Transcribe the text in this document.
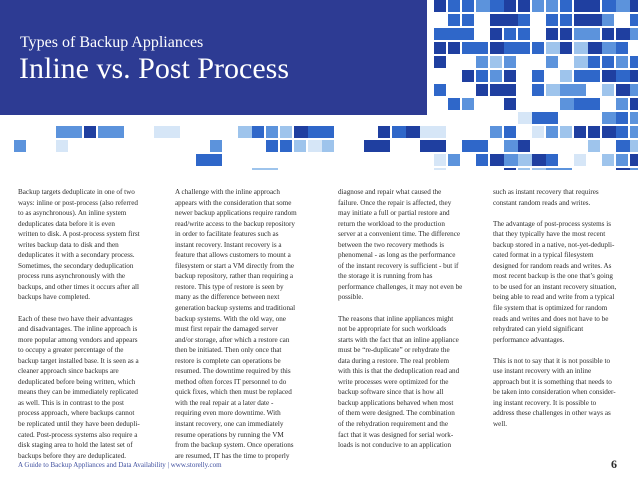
Types of Backup Appliances
Inline vs. Post Process

Backup targets deduplicate in one of two
ways: inline or post-process (also referred
to as asynchronous). An inline system
deduplicates data before it is even
written to disk. A post-process system first
writes backup data to disk and then
deduplicates it with a secondary process.
Sometimes, the secondary deduplication
process runs asynchronously with the
backups, and other times it occurs after all
backups have completed.

Each of these two have their advantages
and disadvantages. The inline approach is
more popular among vendors and appears
to occupy a greater percentage of the
backup target installed base. It is seen as a
cleaner approach since backups are
deduplicated before being written, which
means they can be immediately replicated
as well. This is in contrast to the post
process approach, where backups cannot
be replicated until they have been dedupli-
cated. Post-process systems also require a
disk staging area to hold the latest set of
backups before they are deduplicated.

A challenge with the inline approach
appears with the consideration that some
newer backup applications require random
read/write access to the backup repository
in order to facilitate features such as
instant recovery. Instant recovery is a
feature that allows customers to mount a
filesystem or start a VM directly from the
backup repository, rather than requiring a
restore. This type of restore is seen by
many as the difference between next
generation backup systems and traditional
backup systems. With the old way, one
must first repair the damaged server
and/or storage, after which a restore can
then be initiated. Then only once that
restore is complete can operations be
resumed. The downtime required by this
method often forces IT personnel to do
quick fixes, which then must be replaced
with the real repair at a later date -
requiring even more downtime. With
instant recovery, one can immediately
resume operations by running the VM
from the backup system. Once operations
are resumed, IT has the time to properly

diagnose and repair what caused the
failure. Once the repair is affected, they
may initiate a full or partial restore and
return the workload to the production
server at a convenient time. The difference
between the two recovery methods is
phenomenal - as long as the performance
of the instant recovery is sufficient - but if
the storage it is running from has
performance challenges, it may not even be
possible.

The reasons that inline appliances might
not be appropriate for such workloads
starts with the fact that an inline appliance
must be “re-duplicate” or rehydrate the
data during a restore. The real problem
with this is that the deduplication read and
write processes were optimized for the
backup software since that is how all
backup applications behaved when most
of them were designed. The combination
of the rehydration requirement and the
fact that it was designed for serial work-
loads is not conducive to an application

such as instant recovery that requires
constant random reads and writes.

The advantage of post-process systems is
that they typically have the most recent
backup stored in a native, not-yet-dedupli-
cated format in a typical filesystem
designed for random reads and writes. As
most recent backup is the one that’s going
to be used for an instant recovery situation,
being able to read and write from a typical
file system that is optimized for random
reads and writes and does not have to be
rehydrated can yield significant
performance advantages.

This is not to say that it is not possible to
use instant recovery with an inline
approach but it is something that needs to
be taken into consideration when consider-
ing instant recovery. It is possible to
address these challenges in other ways as
well.

A Guide to Backup Appliances and Data Availability | www.storelly.com	6
